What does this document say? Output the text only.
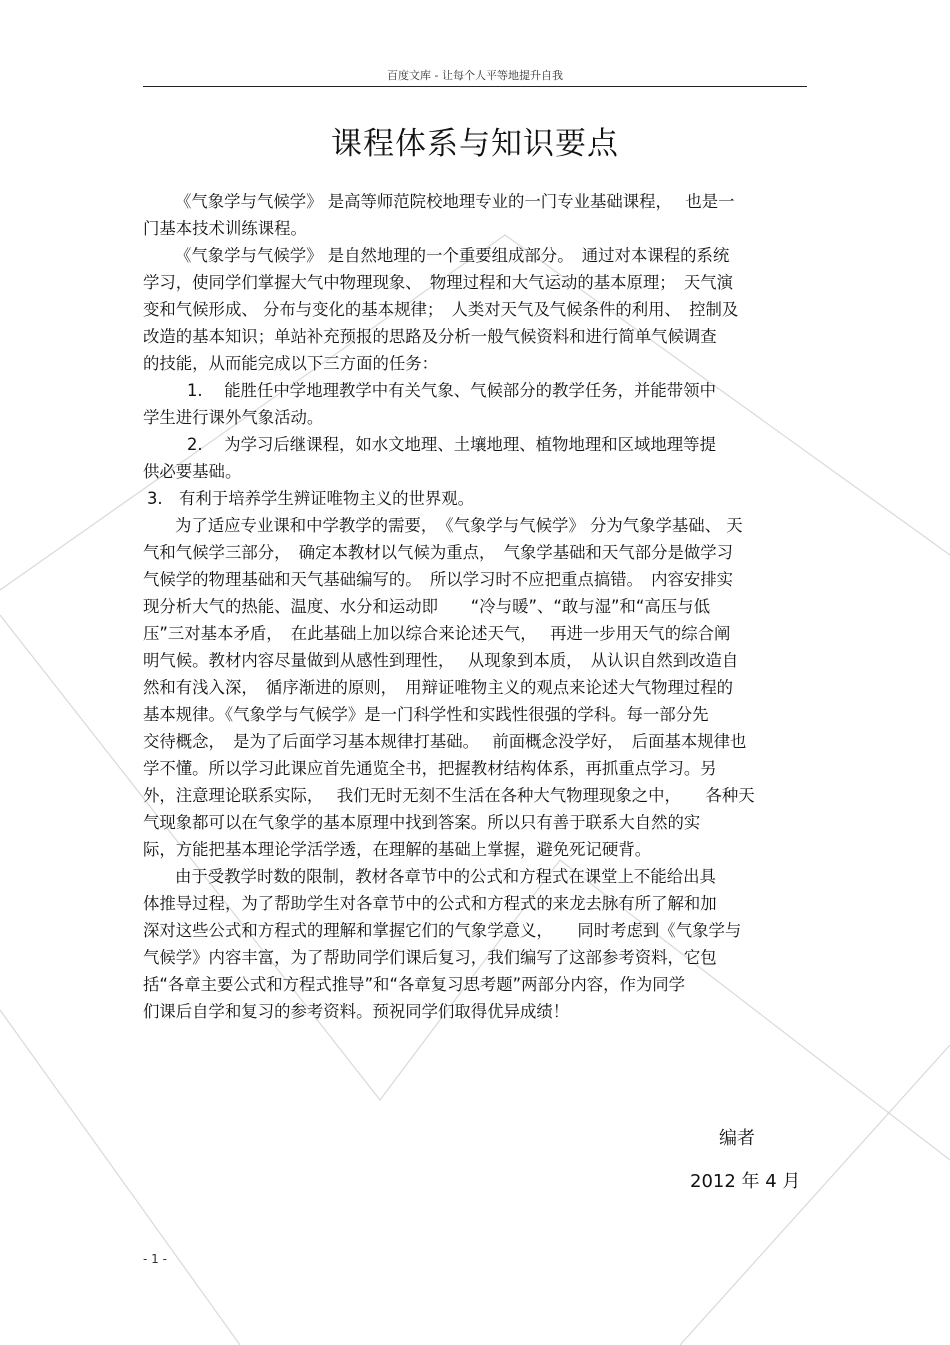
百度文库 - 让每个人平等地提升自我
课程体系与知识要点

《气象学与气候学》 是高等师范院校地理专业的一门专业基础课程，　 也是一

门基本技术训练课程。

《气象学与气候学》 是自然地理的一个重要组成部分。　通过对本课程的系统

学习，使同学们掌握大气中物理现象、　物理过程和大气运动的基本原理；　天气演

变和气候形成、 分布与变化的基本规律；　人类对天气及气候条件的利用、　控制及

改造的基本知识；单站补充预报的思路及分析一般气候资料和进行简单气候调查

的技能，从而能完成以下三方面的任务：

1.　 能胜任中学地理教学中有关气象、气候部分的教学任务，并能带领中

学生进行课外气象活动。

2.　 为学习后继课程，如水文地理、土壤地理、植物地理和区域地理等提

供必要基础。

3.　有利于培养学生辨证唯物主义的世界观。

为了适应专业课和中学教学的需要，　《气象学与气候学》 分为气象学基础、 天

气和气候学三部分，　确定本教材以气候为重点，　气象学基础和天气部分是做学习

气候学的物理基础和天气基础编写的。　所以学习时不应把重点搞错。　内容安排实

现分析大气的热能、温度、水分和运动即　　“冷与暖”、“敢与湿”和“高压与低

压”三对基本矛盾，　在此基础上加以综合来论述天气，　 再进一步用天气的综合阐

明气候。教材内容尽量做到从感性到理性，　 从现象到本质，　从认识自然到改造自

然和有浅入深，　循序渐进的原则，　用辩证唯物主义的观点来论述大气物理过程的

基本规律。《气象学与气候学》是一门科学性和实践性很强的学科。每一部分先

交待概念，　是为了后面学习基本规律打基础。　 前面概念没学好，　后面基本规律也

学不懂。所以学习此课应首先通览全书，把握教材结构体系，再抓重点学习。另

外，注意理论联系实际，　 我们无时无刻不生活在各种大气物理现象之中，　　各种天

气现象都可以在气象学的基本原理中找到答案。所以只有善于联系大自然的实

际，方能把基本理论学活学透，在理解的基础上掌握，避免死记硬背。

由于受教学时数的限制，教材各章节中的公式和方程式在课堂上不能给出具

体推导过程，为了帮助学生对各章节中的公式和方程式的来龙去脉有所了解和加

深对这些公式和方程式的理解和掌握它们的气象学意义，　　同时考虑到《气象学与

气候学》内容丰富，为了帮助同学们课后复习，我们编写了这部参考资料，它包

括“各章主要公式和方程式推导”和“各章复习思考题”两部分内容，作为同学

们课后自学和复习的参考资料。预祝同学们取得优异成绩！

编者
2012 年 4 月
- 1 -
